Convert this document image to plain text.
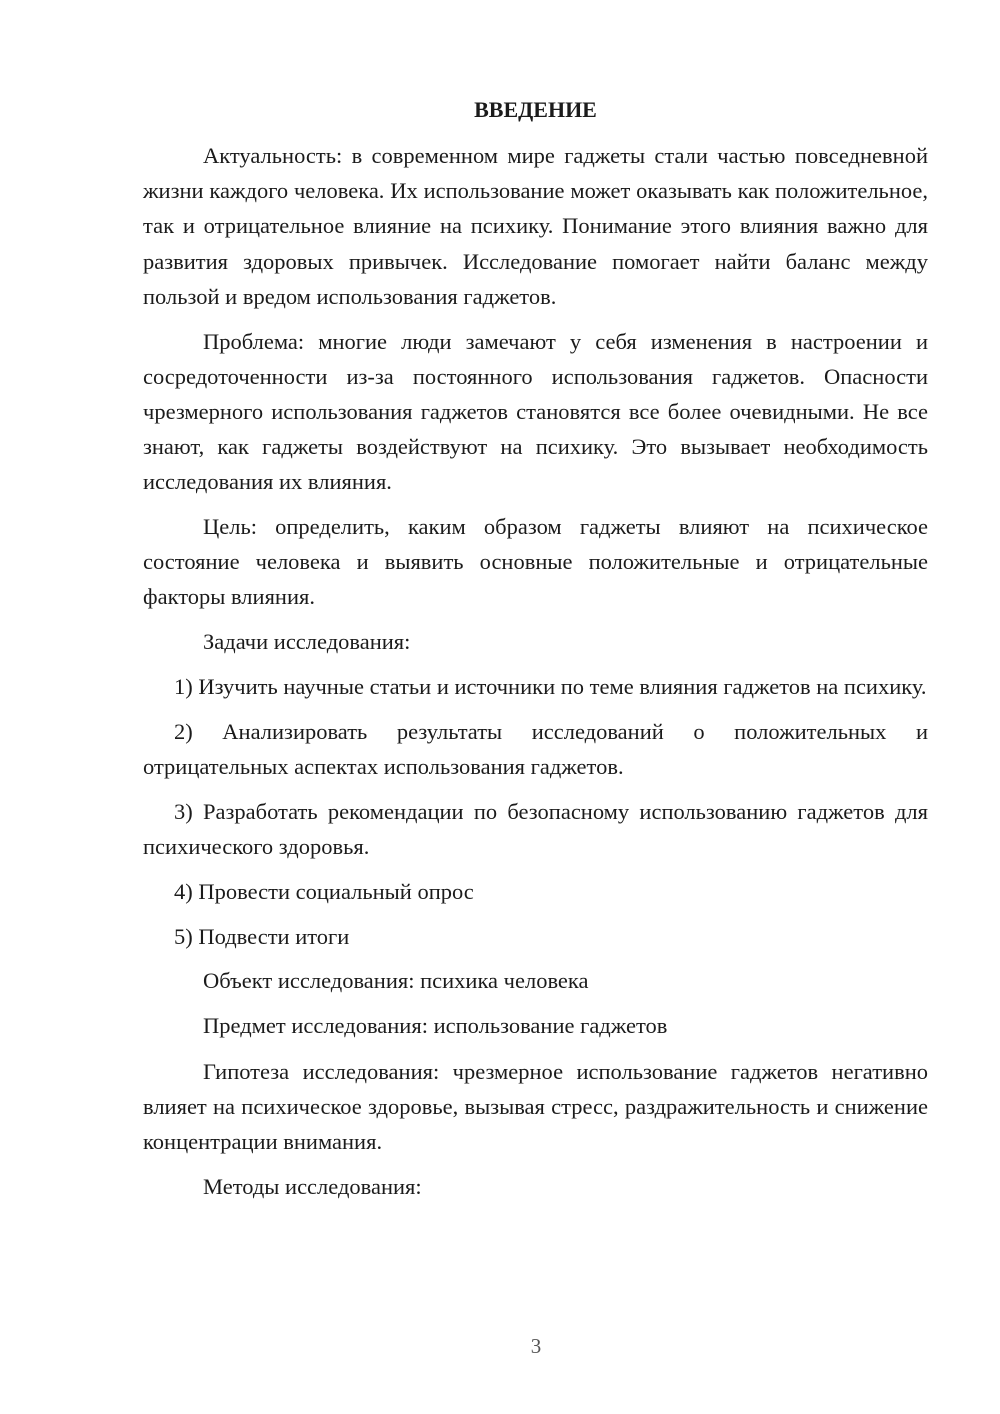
ВВЕДЕНИЕ

Актуальность: в современном мире гаджеты стали частью повседневной жизни каждого человека. Их использование может оказывать как положительное, так и отрицательное влияние на психику. Понимание этого влияния важно для развития здоровых привычек. Исследование помогает найти баланс между пользой и вредом использования гаджетов.

Проблема: многие люди замечают у себя изменения в настроении и сосредоточенности из-за постоянного использования гаджетов. Опасности чрезмерного использования гаджетов становятся все более очевидными. Не все знают, как гаджеты воздействуют на психику. Это вызывает необходимость исследования их влияния.

Цель: определить, каким образом гаджеты влияют на психическое состояние человека и выявить основные положительные и отрицательные факторы влияния.

Задачи исследования:

1) Изучить научные статьи и источники по теме влияния гаджетов на психику.

2) Анализировать результаты исследований о положительных и отрицательных аспектах использования гаджетов.

3) Разработать рекомендации по безопасному использованию гаджетов для психического здоровья.

4) Провести социальный опрос

5) Подвести итоги

Объект исследования: психика человека

Предмет исследования: использование гаджетов

Гипотеза исследования: чрезмерное использование гаджетов негативно влияет на психическое здоровье, вызывая стресс, раздражительность и снижение концентрации внимания.

Методы исследования:

3
